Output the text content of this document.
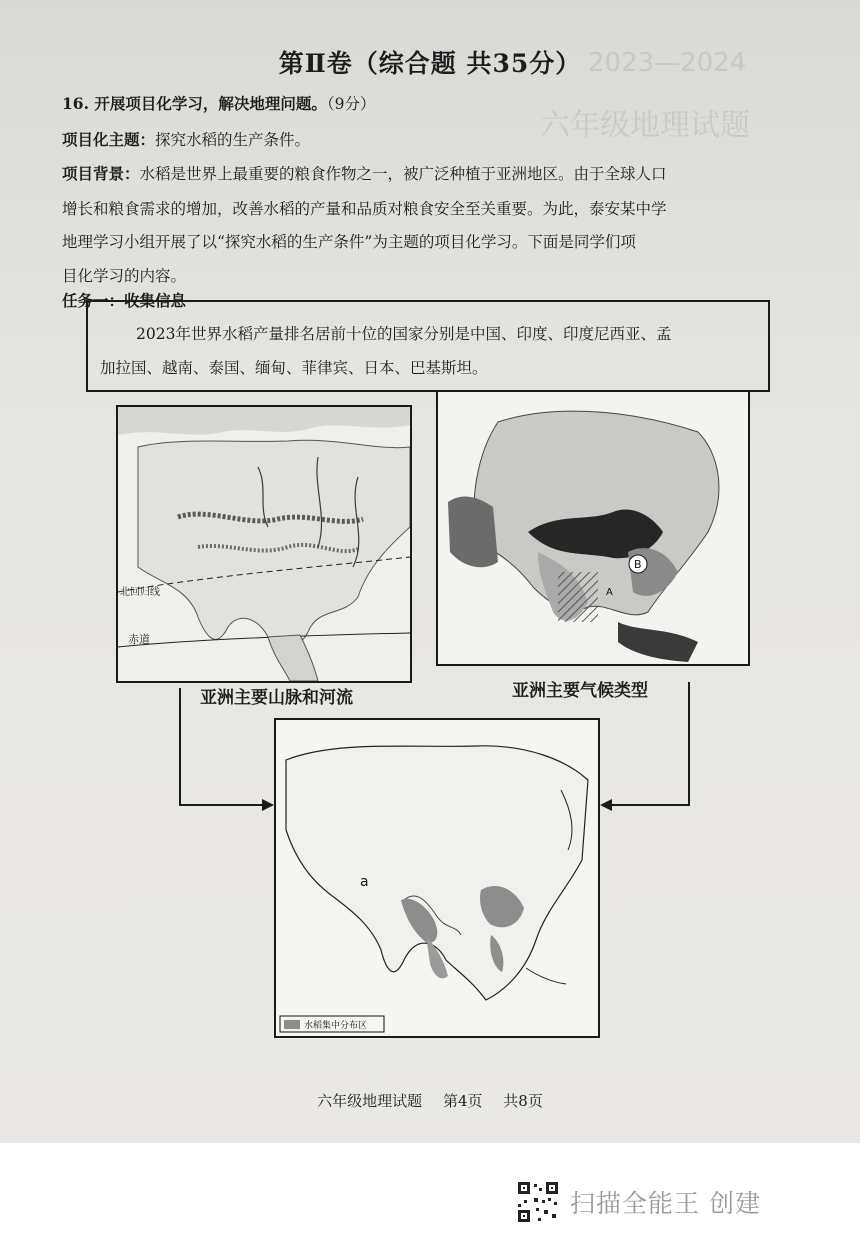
2023—2024
六年级地理试题
第Ⅱ卷（综合题 共35分）
16. 开展项目化学习，解决地理问题。（9分）
项目化主题：探究水稻的生产条件。
项目背景：水稻是世界上最重要的粮食作物之一，被广泛种植于亚洲地区。由于全球人口
增长和粮食需求的增加，改善水稻的产量和品质对粮食安全至关重要。为此，泰安某中学
地理学习小组开展了以“探究水稻的生产条件”为主题的项目化学习。下面是同学们项
目化学习的内容。
任务一：收集信息
2023年世界水稻产量排名居前十位的国家分别是中国、印度、印度尼西亚、孟
加拉国、越南、泰国、缅甸、菲律宾、日本、巴基斯坦。
北回归线
赤道
B
A
亚洲主要山脉和河流	亚洲主要气候类型
a
水稻集中分布区
六年级地理试题 第4页 共8页
扫描全能王 创建
